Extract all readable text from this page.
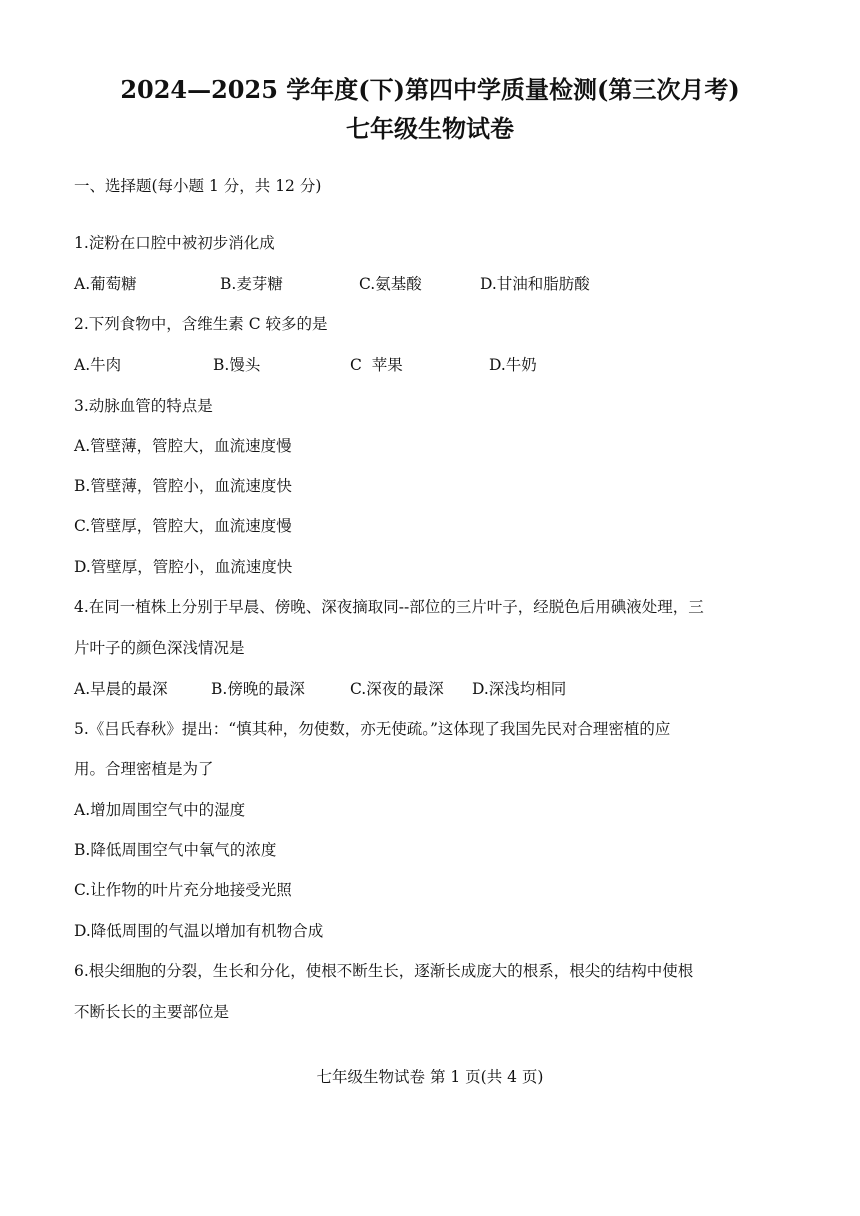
2024—2025 学年度(下)第四中学质量检测(第三次月考)
七年级生物试卷
一、选择题(每小题 1 分，共 12 分)
1.淀粉在口腔中被初步消化成
A.葡萄糖	B.麦芽糖	C.氨基酸	D.甘油和脂肪酸
2.下列食物中，含维生素 C 较多的是
A.牛肉	B.馒头	C  苹果	D.牛奶
3.动脉血管的特点是
A.管壁薄，管腔大，血流速度慢
B.管壁薄，管腔小，血流速度快
C.管壁厚，管腔大，血流速度慢
D.管壁厚，管腔小，血流速度快
4.在同一植株上分别于早晨、傍晚、深夜摘取同--部位的三片叶子，经脱色后用碘液处理，三
片叶子的颜色深浅情况是
A.早晨的最深	B.傍晚的最深	C.深夜的最深 D.深浅均相同
5.《吕氏春秋》提出：“慎其种，勿使数，亦无使疏。”这体现了我国先民对合理密植的应
用。合理密植是为了
A.增加周围空气中的湿度
B.降低周围空气中氧气的浓度
C.让作物的叶片充分地接受光照
D.降低周围的气温以增加有机物合成
6.根尖细胞的分裂，生长和分化，使根不断生长，逐渐长成庞大的根系，根尖的结构中使根
不断长长的主要部位是
七年级生物试卷 第 1 页(共 4 页)
